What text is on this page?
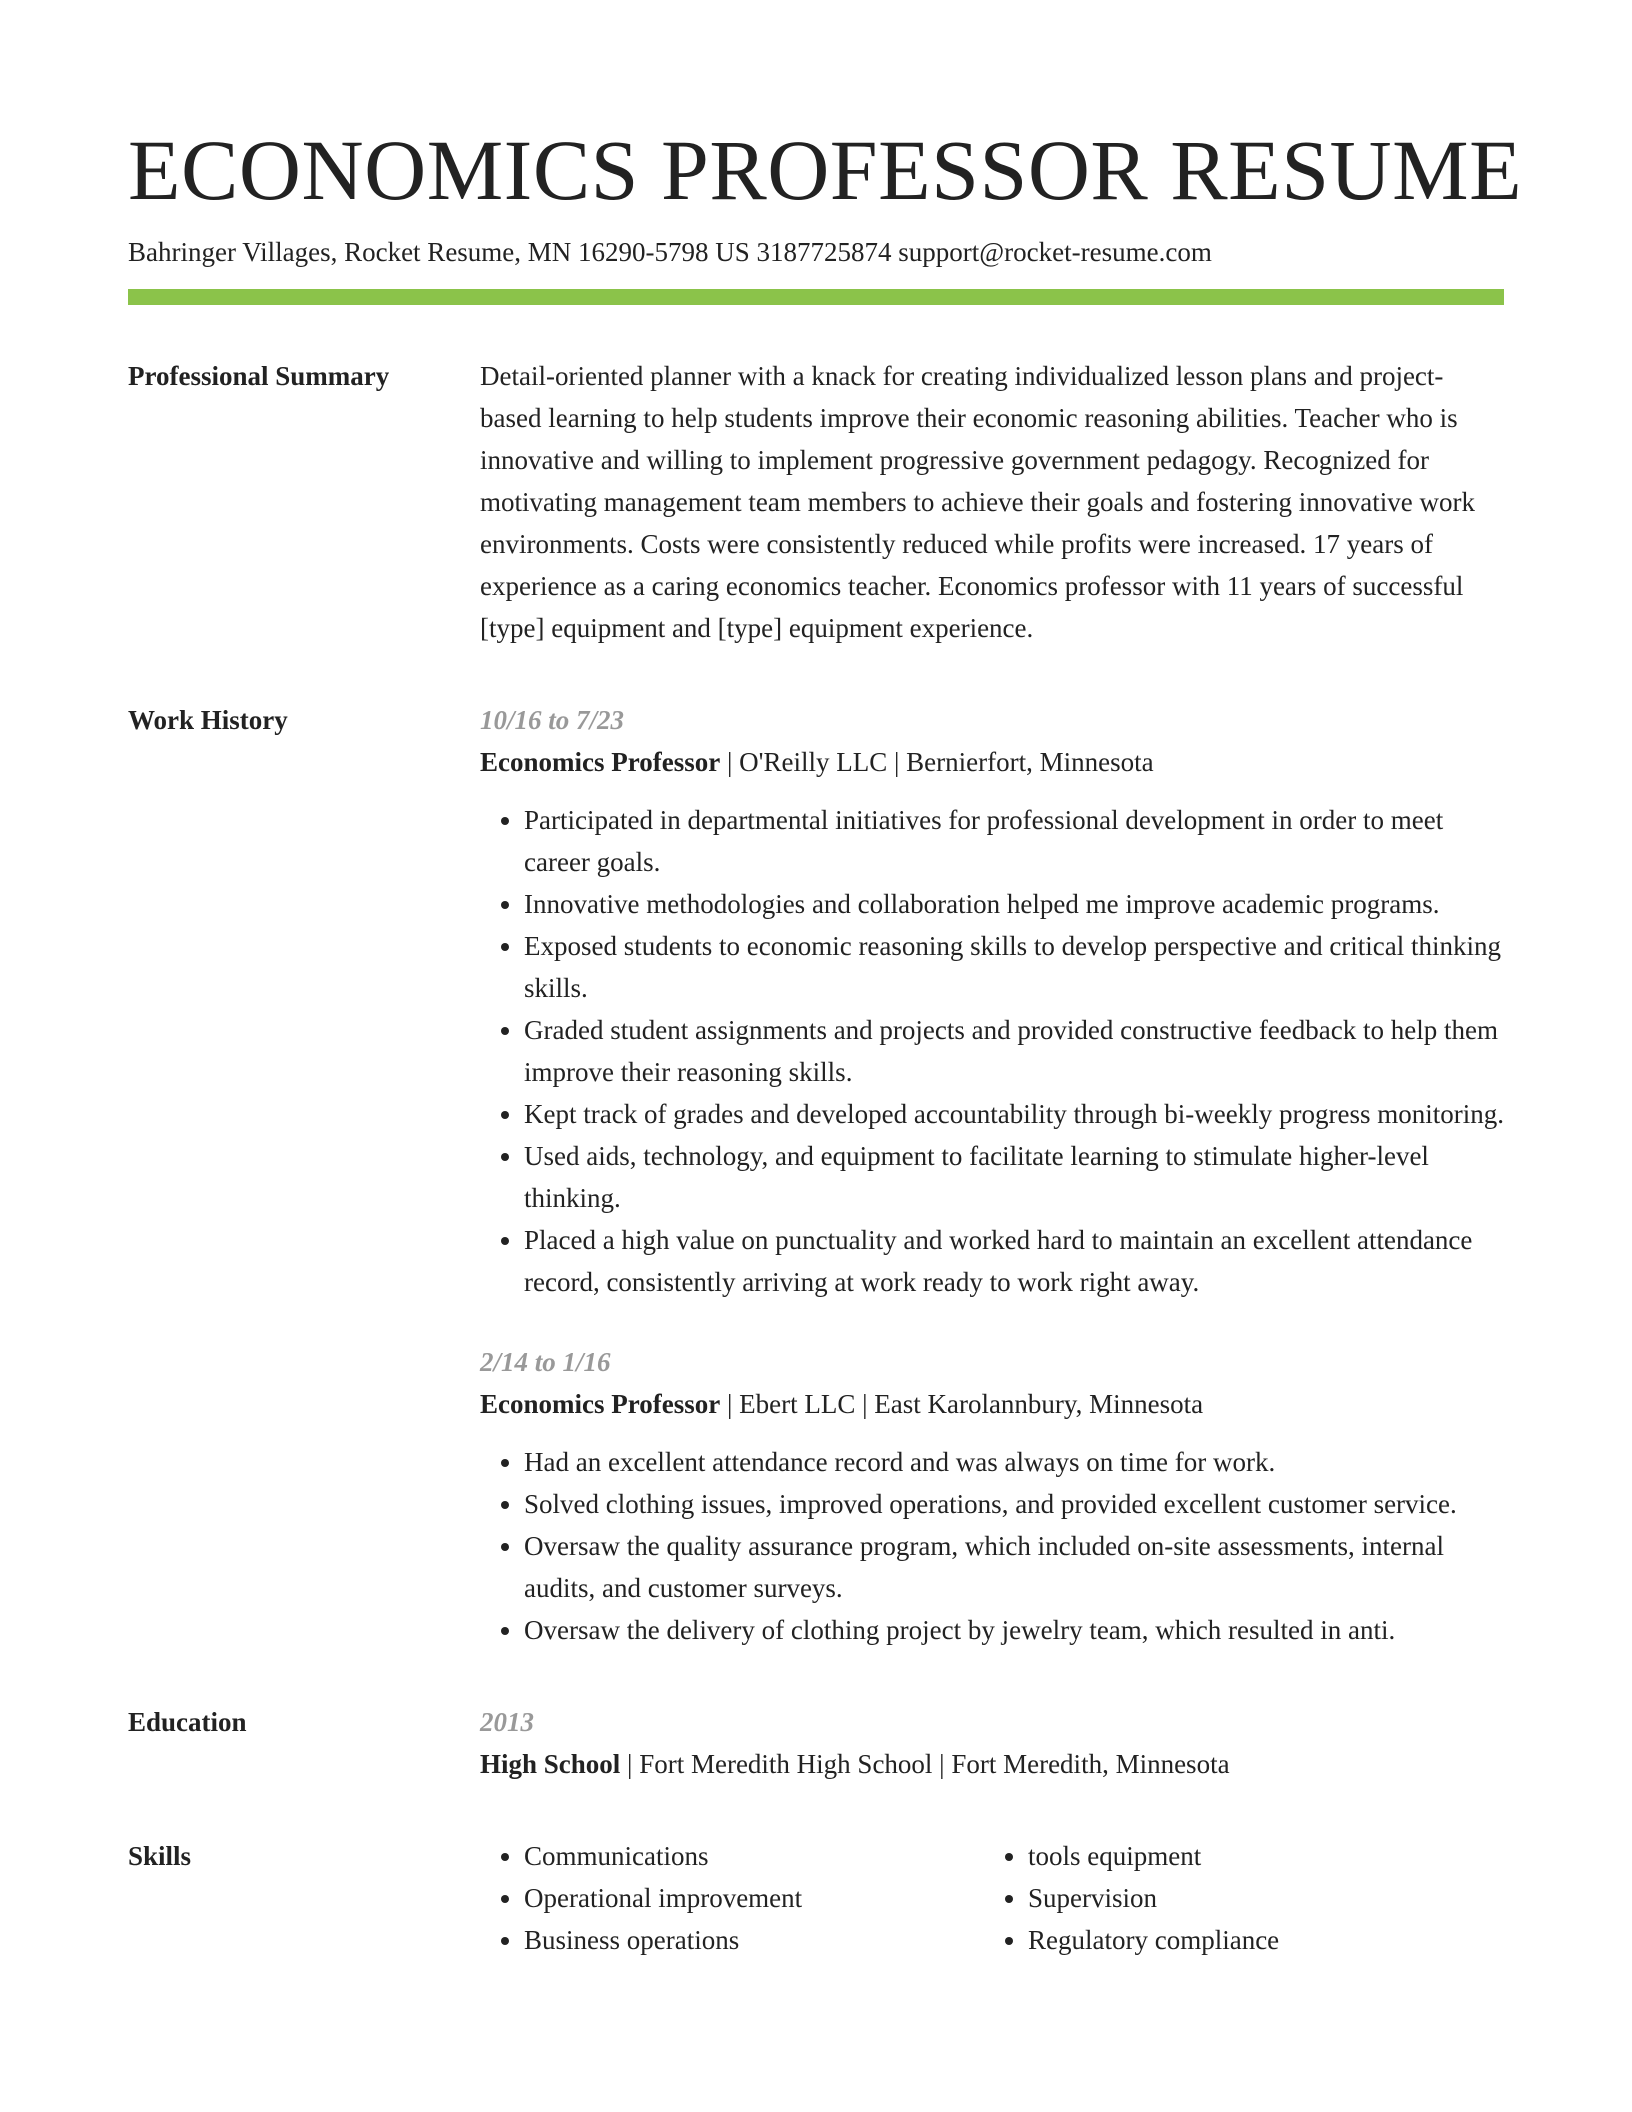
ECONOMICS PROFESSOR RESUME
Bahringer Villages, Rocket Resume, MN 16290-5798 US 3187725874 support@rocket-resume.com
Professional Summary	Detail-oriented planner with a knack for creating individualized lesson plans and project-based learning to help students improve their economic reasoning abilities. Teacher who is innovative and willing to implement progressive government pedagogy. Recognized for motivating management team members to achieve their goals and fostering innovative work environments. Costs were consistently reduced while profits were increased. 17 years of experience as a caring economics teacher. Economics professor with 11 years of successful [type] equipment and [type] equipment experience.

Work History	10/16 to 7/23
Economics Professor | O'Reilly LLC | Bernierfort, Minnesota
• Participated in departmental initiatives for professional development in order to meet career goals.
• Innovative methodologies and collaboration helped me improve academic programs.
• Exposed students to economic reasoning skills to develop perspective and critical thinking skills.
• Graded student assignments and projects and provided constructive feedback to help them improve their reasoning skills.
• Kept track of grades and developed accountability through bi-weekly progress monitoring.
• Used aids, technology, and equipment to facilitate learning to stimulate higher-level thinking.
• Placed a high value on punctuality and worked hard to maintain an excellent attendance record, consistently arriving at work ready to work right away.
2/14 to 1/16
Economics Professor | Ebert LLC | East Karolannbury, Minnesota
• Had an excellent attendance record and was always on time for work.
• Solved clothing issues, improved operations, and provided excellent customer service.
• Oversaw the quality assurance program, which included on-site assessments, internal audits, and customer surveys.
• Oversaw the delivery of clothing project by jewelry team, which resulted in anti.
Education	2013
High School | Fort Meredith High School | Fort Meredith, Minnesota
Skills
•	Communications
• Operational improvement
• Business operations
• tools equipment
• Supervision
• Regulatory compliance
